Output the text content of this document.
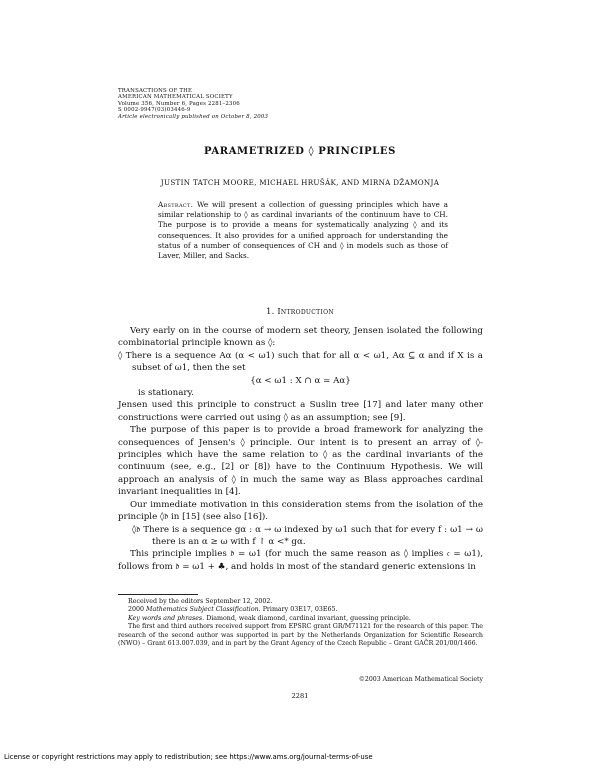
TRANSACTIONS OF THE
AMERICAN MATHEMATICAL SOCIETY
Volume 356, Number 6, Pages 2281–2306
S 0002-9947(03)03446-9
Article electronically published on October 8, 2003
PARAMETRIZED ◊ PRINCIPLES
JUSTIN TATCH MOORE, MICHAEL HRUŠÁK, AND MIRNA DŽAMONJA
Abstract. We will present a collection of guessing principles which have a similar relationship to ◊ as cardinal invariants of the continuum have to CH. The purpose is to provide a means for systematically analyzing ◊ and its consequences. It also provides for a unified approach for understanding the status of a number of consequences of CH and ◊ in models such as those of Laver, Miller, and Sacks.
1. Introduction

Very early on in the course of modern set theory, Jensen isolated the following combinatorial principle known as ◊:

◊ There is a sequence Aα (α < ω1) such that for all α < ω1, Aα ⊆ α and if X is a subset of ω1, then the set

{α < ω1 : X ∩ α = Aα}

is stationary.

Jensen used this principle to construct a Suslin tree [17] and later many other constructions were carried out using ◊ as an assumption; see [9].

The purpose of this paper is to provide a broad framework for analyzing the consequences of Jensen's ◊ principle. Our intent is to present an array of ◊-principles which have the same relation to ◊ as the cardinal invariants of the continuum (see, e.g., [2] or [8]) have to the Continuum Hypothesis. We will approach an analysis of ◊ in much the same way as Blass approaches cardinal invariant inequalities in [4].

Our immediate motivation in this consideration stems from the isolation of the principle ◊𝔡 in [15] (see also [16]).

◊𝔡 There is a sequence gα : α → ω indexed by ω1 such that for every f : ω1 → ω there is an α ≥ ω with f ↾ α <* gα.

This principle implies 𝔡 = ω1 (for much the same reason as ◊ implies 𝔠 = ω1), follows from 𝔡 = ω1 + ♣, and holds in most of the standard generic extensions in

Received by the editors September 12, 2002.

2000 Mathematics Subject Classification. Primary 03E17, 03E65.

Key words and phrases. Diamond, weak diamond, cardinal invariant, guessing principle.

The first and third authors received support from EPSRC grant GR/M71121 for the research of this paper. The research of the second author was supported in part by the Netherlands Organization for Scientific Research (NWO) – Grant 613.007.039, and in part by the Grant Agency of the Czech Republic – Grant GAČR 201/00/1466.

©2003 American Mathematical Society
2281
License or copyright restrictions may apply to redistribution; see https://www.ams.org/journal-terms-of-use
